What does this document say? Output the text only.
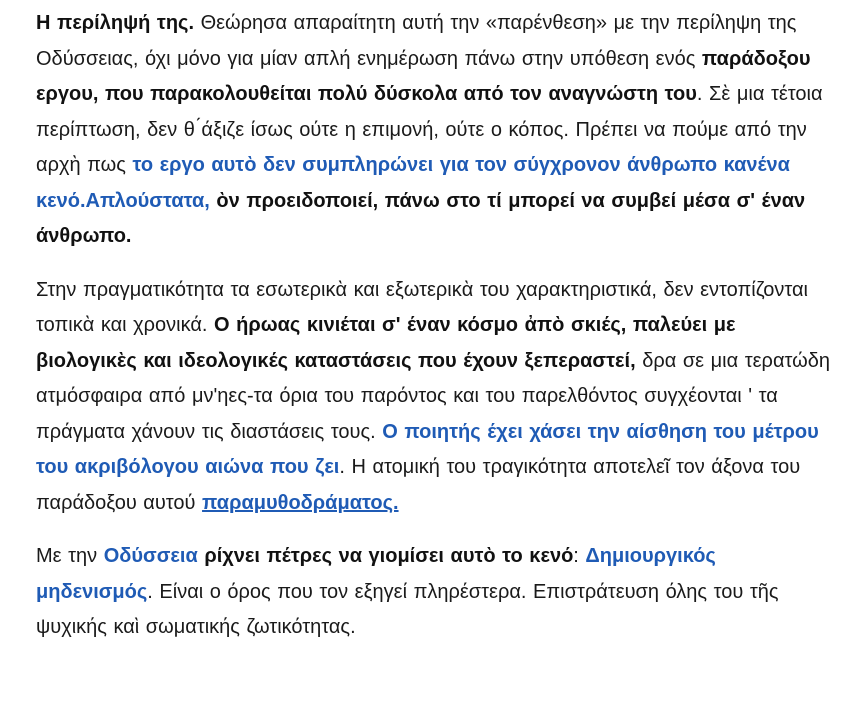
Η περίληψή της. Θεώρησα απαραίτητη αυτή την «παρένθεση» με την περίληψη της Οδύσσειας, όχι μόνο για μίαν απλή ενημέρωση πάνω στην υπόθεση ενός παράδοξου εργου, που παρακολουθείται πολύ δύσκολα από τον αναγνώστη του. Σὲ μια τέτοια περίπτωση, δεν θ ́άξιζε ίσως ούτε η επιμονή, ούτε ο κόπος. Πρέπει να πούμε από την αρχὴ πως το εργο αυτὸ δεν συμπληρώνει για τον σύγχρονον άνθρωπο κανένα κενό.Απλούστατα, ὸν προειδοποιεί, πάνω στο τί μπορεί να συμβεί μέσα σ' έναν άνθρωπο.

Στην πραγματικότητα τα εσωτερικὰ και εξωτερικὰ του χαρακτηριστικά, δεν εντοπίζονται τοπικὰ και χρονικά. Ο ήρωας κινιέται σ' έναν κόσμο ἀπὸ σκιές, παλεύει με βιολογικὲς και ιδεολογικές καταστάσεις που έχουν ξεπεραστεί, δρα σε μια τερατώδη ατμόσφαιρα από μν'ηες-τα όρια του παρόντος και του παρελθόντος συγχέονται ' τα πράγματα χάνουν τις διαστάσεις τους. Ο ποιητής έχει χάσει την αίσθηση του μέτρου του ακριβόλογου αιώνα που ζει. Η ατομική του τραγικότητα αποτελεῖ τον άξονα του παράδοξου αυτού παραμυθοδράματος.

Με την Οδύσσεια ρίχνει πέτρες να γιομίσει αυτὸ το κενό: Δημιουργικός μηδενισμός. Είναι ο όρος που τον εξηγεί πληρέστερα. Επιστράτευση όλης του τῆς ψυχικής καὶ σωματικής ζωτικότητας.
